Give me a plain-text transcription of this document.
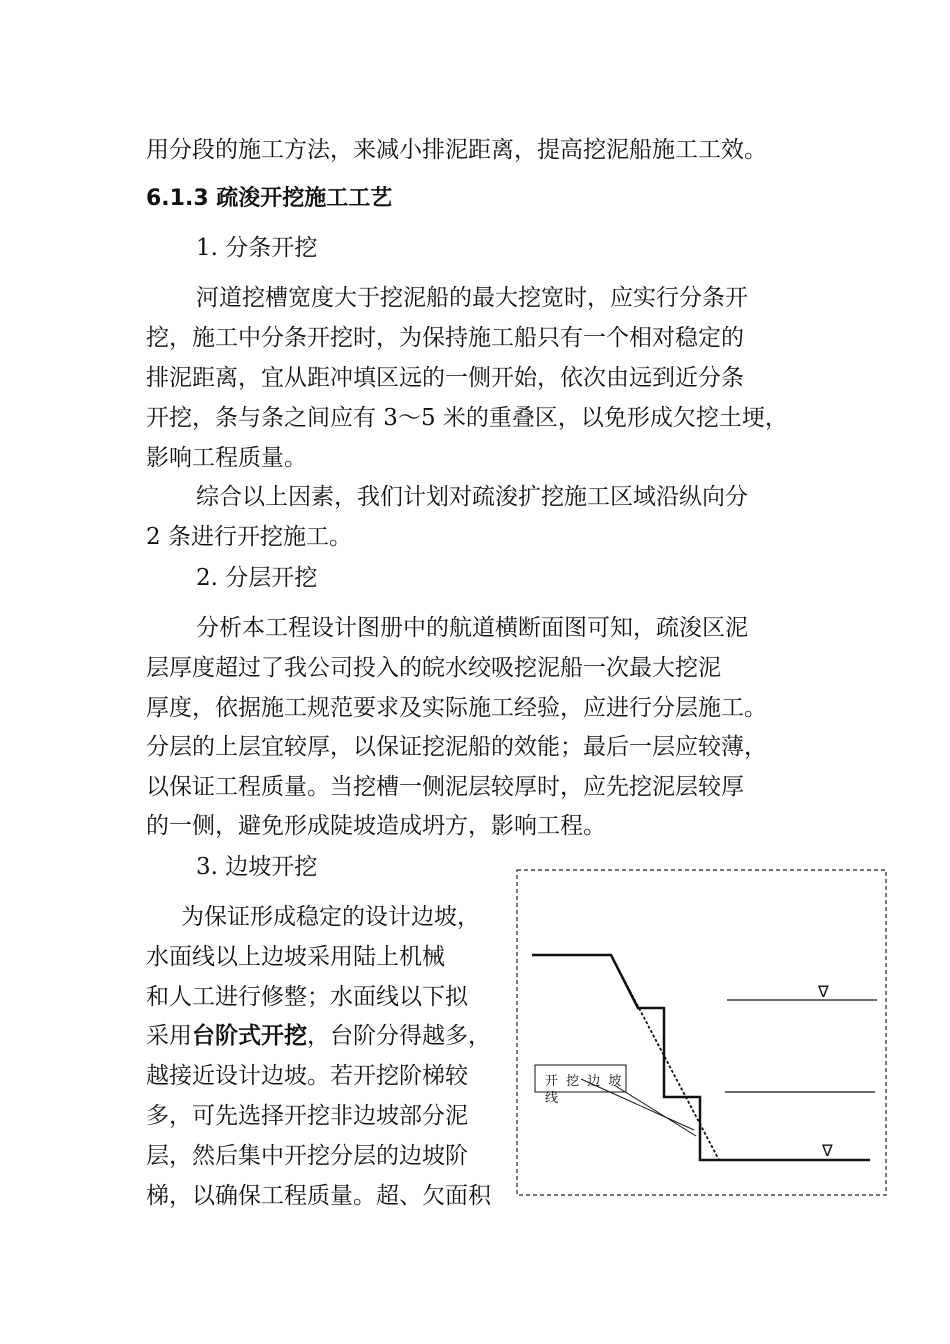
用分段的施工方法，来减小排泥距离，提高挖泥船施工工效。
6.1.3 疏浚开挖施工工艺
1. 分条开挖
河道挖槽宽度大于挖泥船的最大挖宽时，应实行分条开
挖，施工中分条开挖时，为保持施工船只有一个相对稳定的
排泥距离，宜从距冲填区远的一侧开始，依次由远到近分条
开挖，条与条之间应有 3～5 米的重叠区，以免形成欠挖土埂，
影响工程质量。
综合以上因素，我们计划对疏浚扩挖施工区域沿纵向分
2 条进行开挖施工。
2. 分层开挖
分析本工程设计图册中的航道横断面图可知，疏浚区泥
层厚度超过了我公司投入的皖水绞吸挖泥船一次最大挖泥
厚度，依据施工规范要求及实际施工经验，应进行分层施工。
分层的上层宜较厚，以保证挖泥船的效能；最后一层应较薄，
以保证工程质量。当挖槽一侧泥层较厚时，应先挖泥层较厚
的一侧，避免形成陡坡造成坍方，影响工程。
3. 边坡开挖
为保证形成稳定的设计边坡，
水面线以上边坡采用陆上机械
和人工进行修整；水面线以下拟
采用台阶式开挖，台阶分得越多，
越接近设计边坡。若开挖阶梯较
多，可先选择开挖非边坡部分泥
层，然后集中开挖分层的边坡阶
梯，以确保工程质量。超、欠面积
∇
∇
开 挖 边 坡
线
